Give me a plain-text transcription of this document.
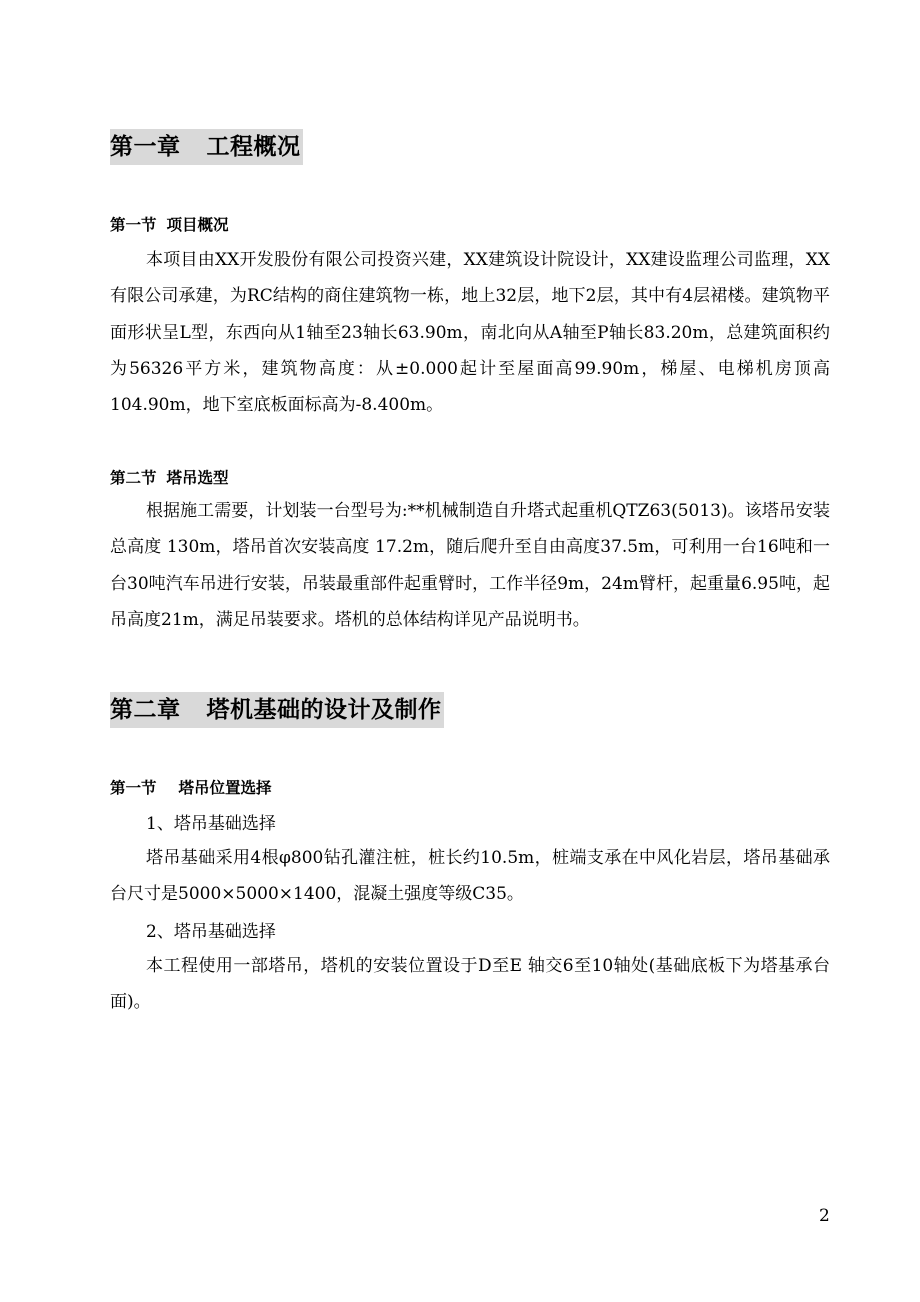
第一章 工程概况
第一节 项目概况

本项目由XX开发股份有限公司投资兴建，XX建筑设计院设计，XX建设监理公司监理，XX有限公司承建，为RC结构的商住建筑物一栋，地上32层，地下2层，其中有4层裙楼。建筑物平面形状呈L型，东西向从1轴至23轴长63.90m，南北向从A轴至P轴长83.20m，总建筑面积约为56326平方米，建筑物高度：从±0.000起计至屋面高99.90m，梯屋、电梯机房顶高104.90m，地下室底板面标高为-8.400m。

第二节 塔吊选型

根据施工需要，计划装一台型号为:**机械制造自升塔式起重机QTZ63(5013)。该塔吊安装总高度 130m，塔吊首次安装高度 17.2m，随后爬升至自由高度37.5m，可利用一台16吨和一台30吨汽车吊进行安装，吊装最重部件起重臂时，工作半径9m，24m臂杆，起重量6.95吨，起吊高度21m，满足吊装要求。塔机的总体结构详见产品说明书。

第二章 塔机基础的设计及制作
第一节 塔吊位置选择
1、塔吊基础选择

塔吊基础采用4根φ800钻孔灌注桩，桩长约10.5m，桩端支承在中风化岩层，塔吊基础承台尺寸是5000×5000×1400，混凝土强度等级C35。

2、塔吊基础选择

本工程使用一部塔吊，塔机的安装位置设于D至E 轴交6至10轴处(基础底板下为塔基承台面)。

2
